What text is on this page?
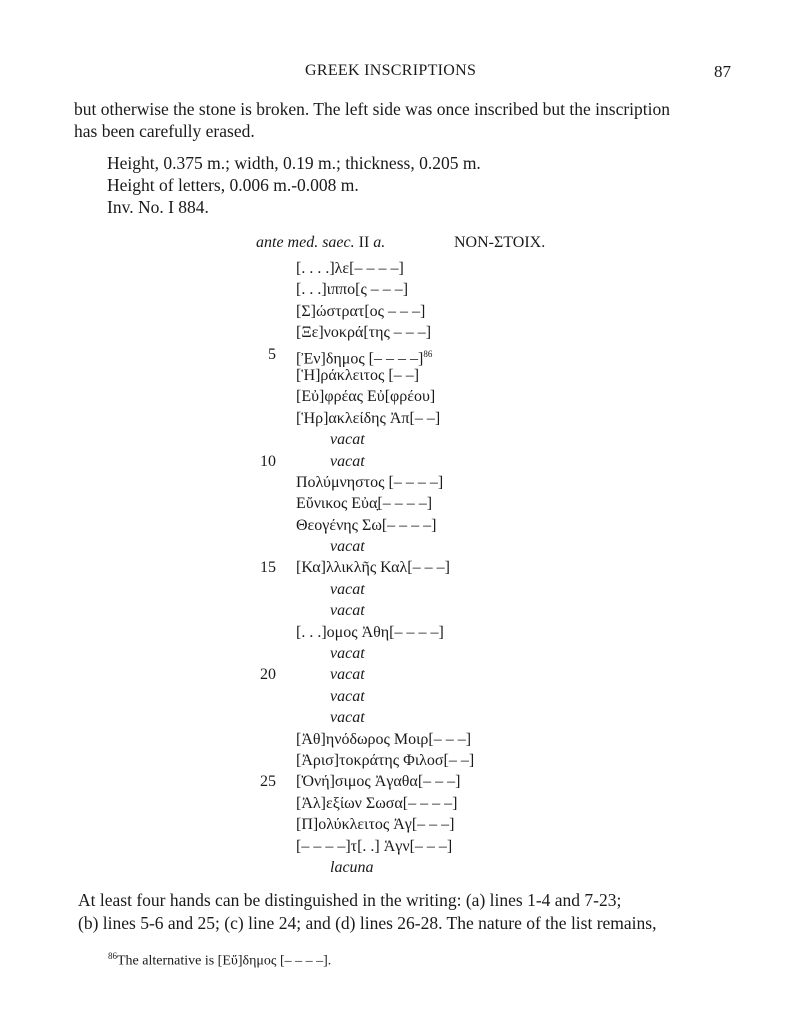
GREEK INSCRIPTIONS	87
but otherwise the stone is broken. The left side was once inscribed but the inscription
has been carefully erased.
Height, 0.375 m.; width, 0.19 m.; thickness, 0.205 m.
Height of letters, 0.006 m.-0.008 m.
Inv. No. I 884.
ante med. saec. II a.	NON-ΣΤΟΙΧ.
[. . . .]λε[– – – –]
[. . .]ιππο[ς – – –]
[Σ]ώστρατ[ος – – –]
[Ξε]νοκρά[της – – –]
5 [Ἐν]δημος [– – – –]$^{86}$
[Ἡ]ράκλειτος [– –]
[Εὐ]φρέας Εὐ[φρέου]
[Ἡρ]ακλείδης Ἀπ[– –]
vacat
10	vacat
Πολύμνηστος [– – – –]
Εὔνικος Εὐα̣[– – – –]
Θεογένης Σω[– – – –]
vacat
15 [Κα]λλικλῆς Καλ[– – –]
vacat
vacat
[. . .]ομος Ἀθη[– – – –]
vacat
20	vacat
vacat
vacat
[Ἀθ]ηνόδωρος Μοιρ[– – –]
[Ἀρισ]τοκράτης Φιλοσ[– –]
25 [Ὀνή]σιμος Ἀγαθα[– – –]
[Ἀλ]εξίων Σωσα[– – – –]
[Π]ολύκλειτος Ἀγ[– – –]
[– – – –]τ[. .] Ἁγν[– – –]
lacuna
At least four hands can be distinguished in the writing: (a) lines 1-4 and 7-23;
(b) lines 5-6 and 25; (c) line 24; and (d) lines 26-28. The nature of the list remains,
$^{86}$The alternative is [Εὔ]δημος [– – – –].
